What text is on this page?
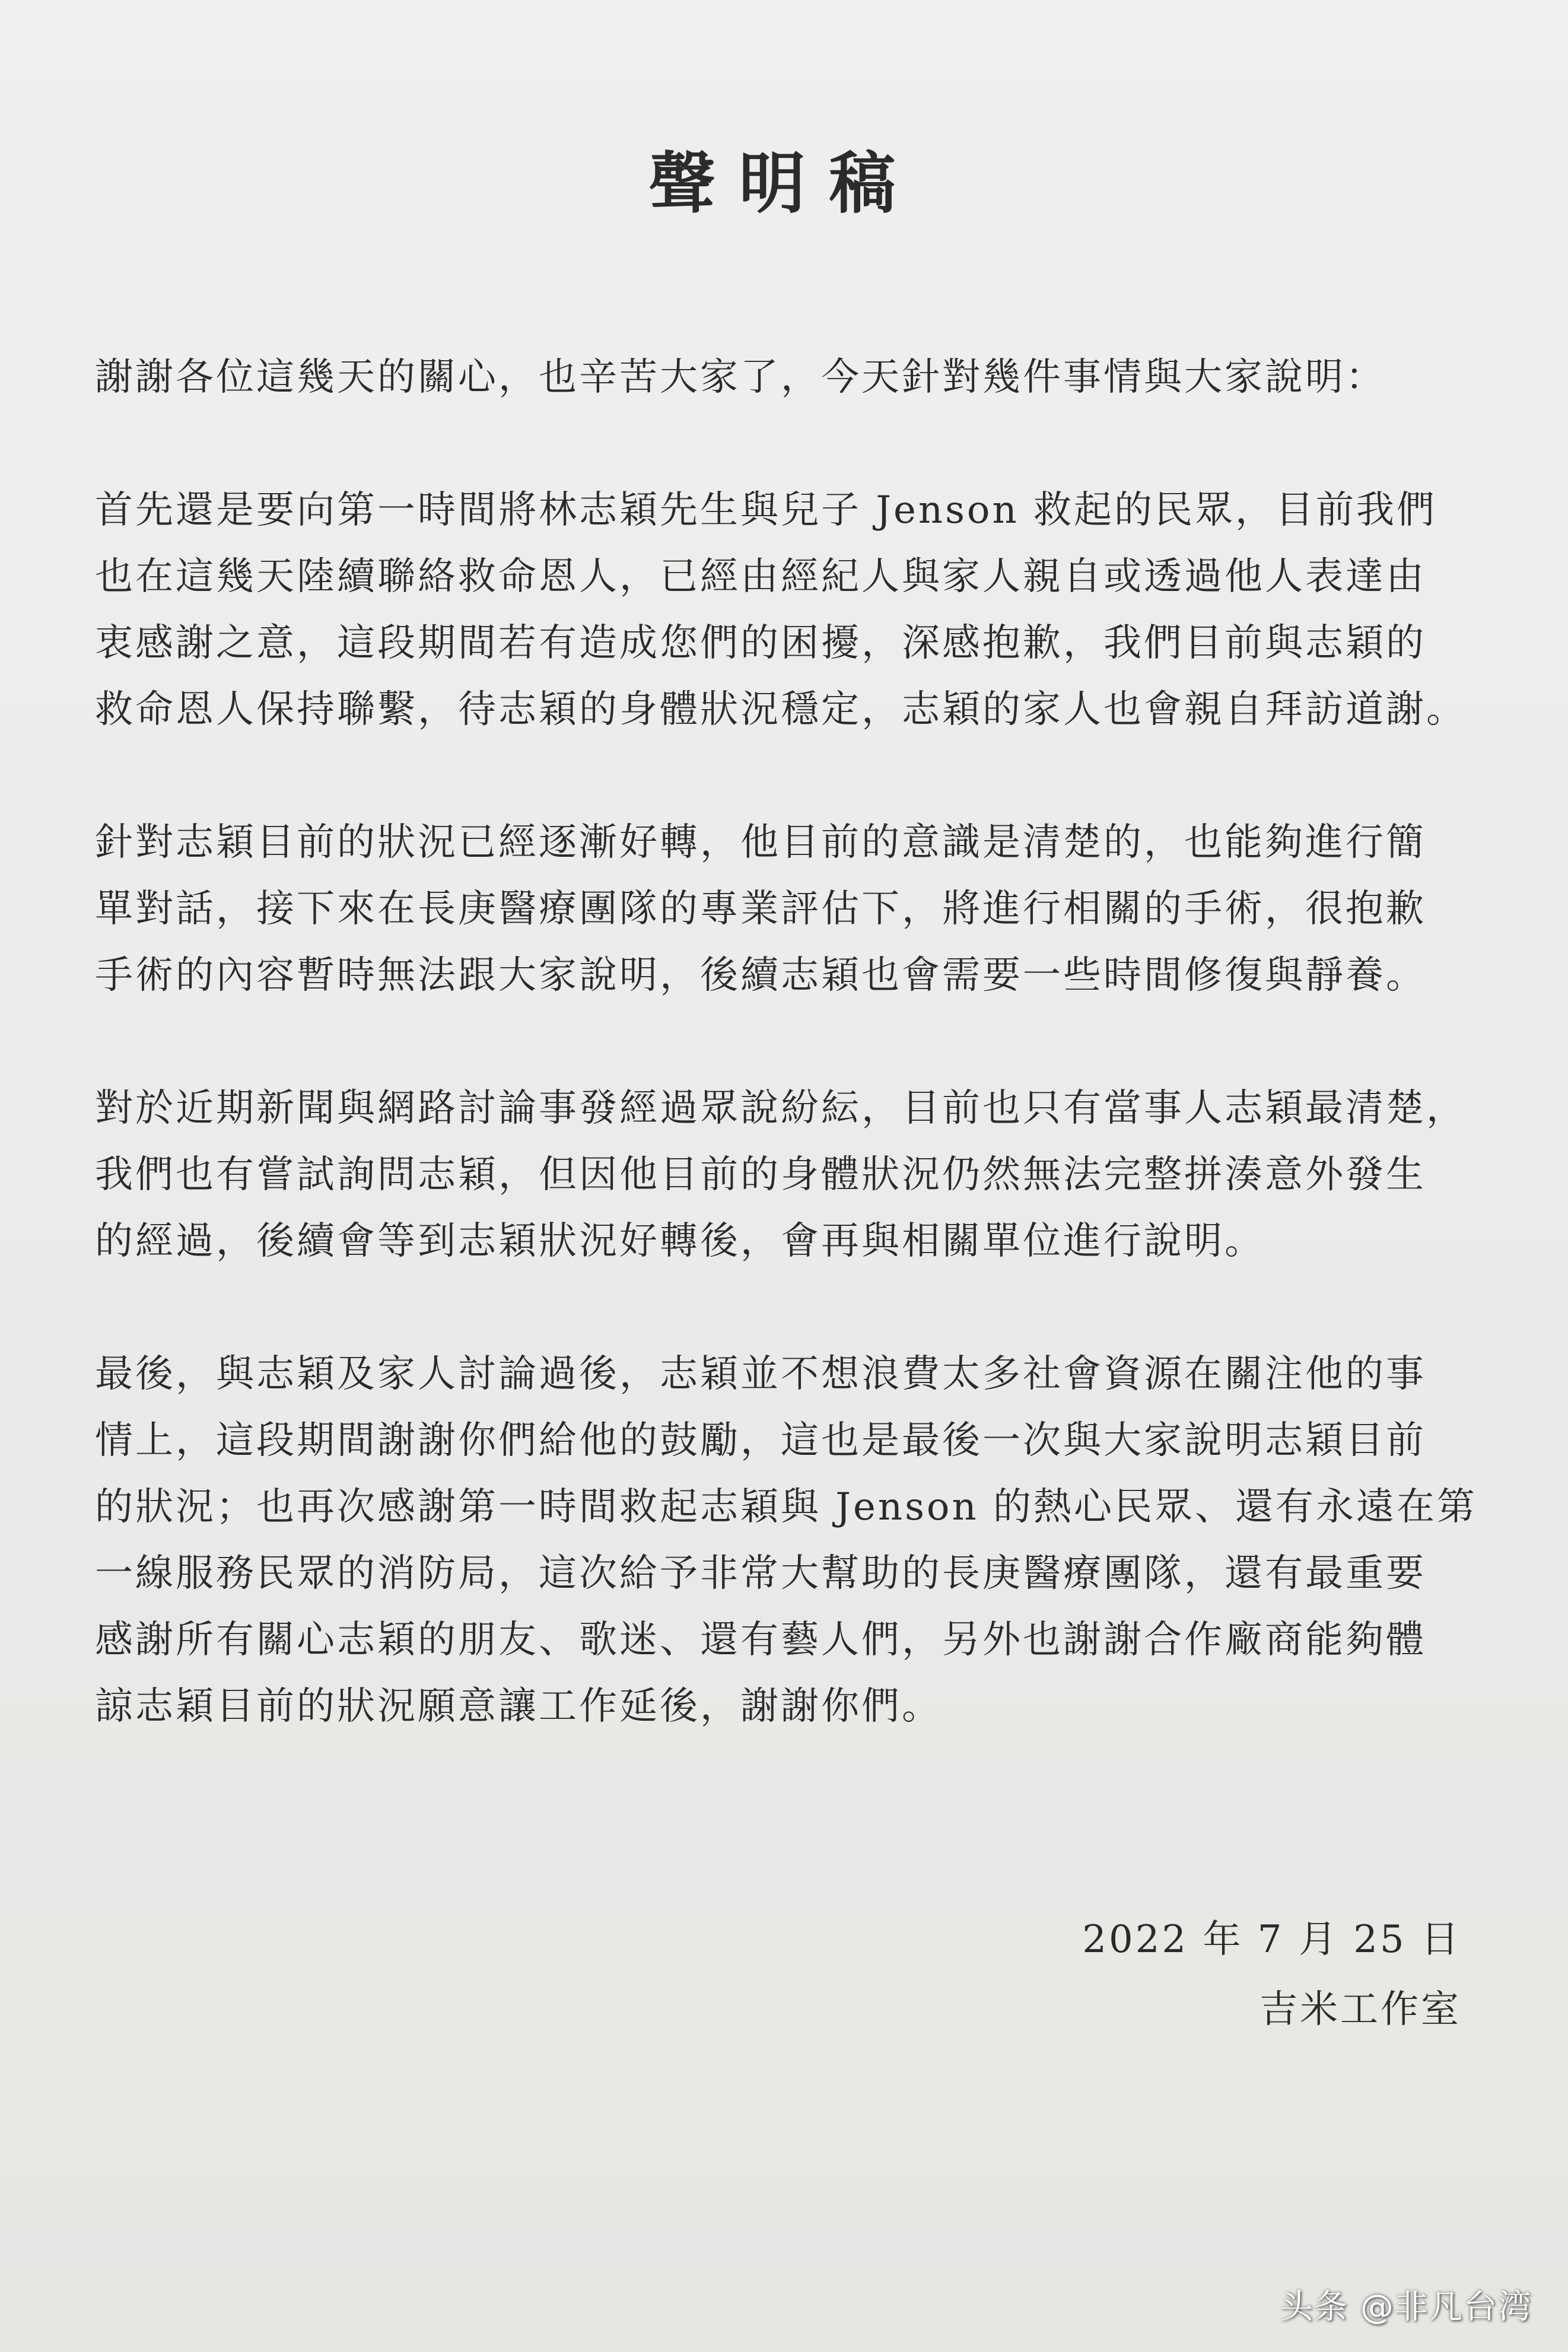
聲明稿
謝謝各位這幾天的關心，也辛苦大家了，今天針對幾件事情與大家說明：
首先還是要向第一時間將林志穎先生與兒子 Jenson 救起的民眾，目前我們
也在這幾天陸續聯絡救命恩人，已經由經紀人與家人親自或透過他人表達由
衷感謝之意，這段期間若有造成您們的困擾，深感抱歉，我們目前與志穎的
救命恩人保持聯繫，待志穎的身體狀況穩定，志穎的家人也會親自拜訪道謝。
針對志穎目前的狀況已經逐漸好轉，他目前的意識是清楚的，也能夠進行簡
單對話，接下來在長庚醫療團隊的專業評估下，將進行相關的手術，很抱歉
手術的內容暫時無法跟大家說明，後續志穎也會需要一些時間修復與靜養。
對於近期新聞與網路討論事發經過眾說紛紜，目前也只有當事人志穎最清楚，
我們也有嘗試詢問志穎，但因他目前的身體狀況仍然無法完整拼湊意外發生
的經過，後續會等到志穎狀況好轉後，會再與相關單位進行說明。
最後，與志穎及家人討論過後，志穎並不想浪費太多社會資源在關注他的事
情上，這段期間謝謝你們給他的鼓勵，這也是最後一次與大家說明志穎目前
的狀況；也再次感謝第一時間救起志穎與 Jenson 的熱心民眾、還有永遠在第
一線服務民眾的消防局，這次給予非常大幫助的長庚醫療團隊，還有最重要
感謝所有關心志穎的朋友、歌迷、還有藝人們，另外也謝謝合作廠商能夠體
諒志穎目前的狀況願意讓工作延後，謝謝你們。
2022 年 7 月 25 日
吉米工作室
头条 @非凡台湾
